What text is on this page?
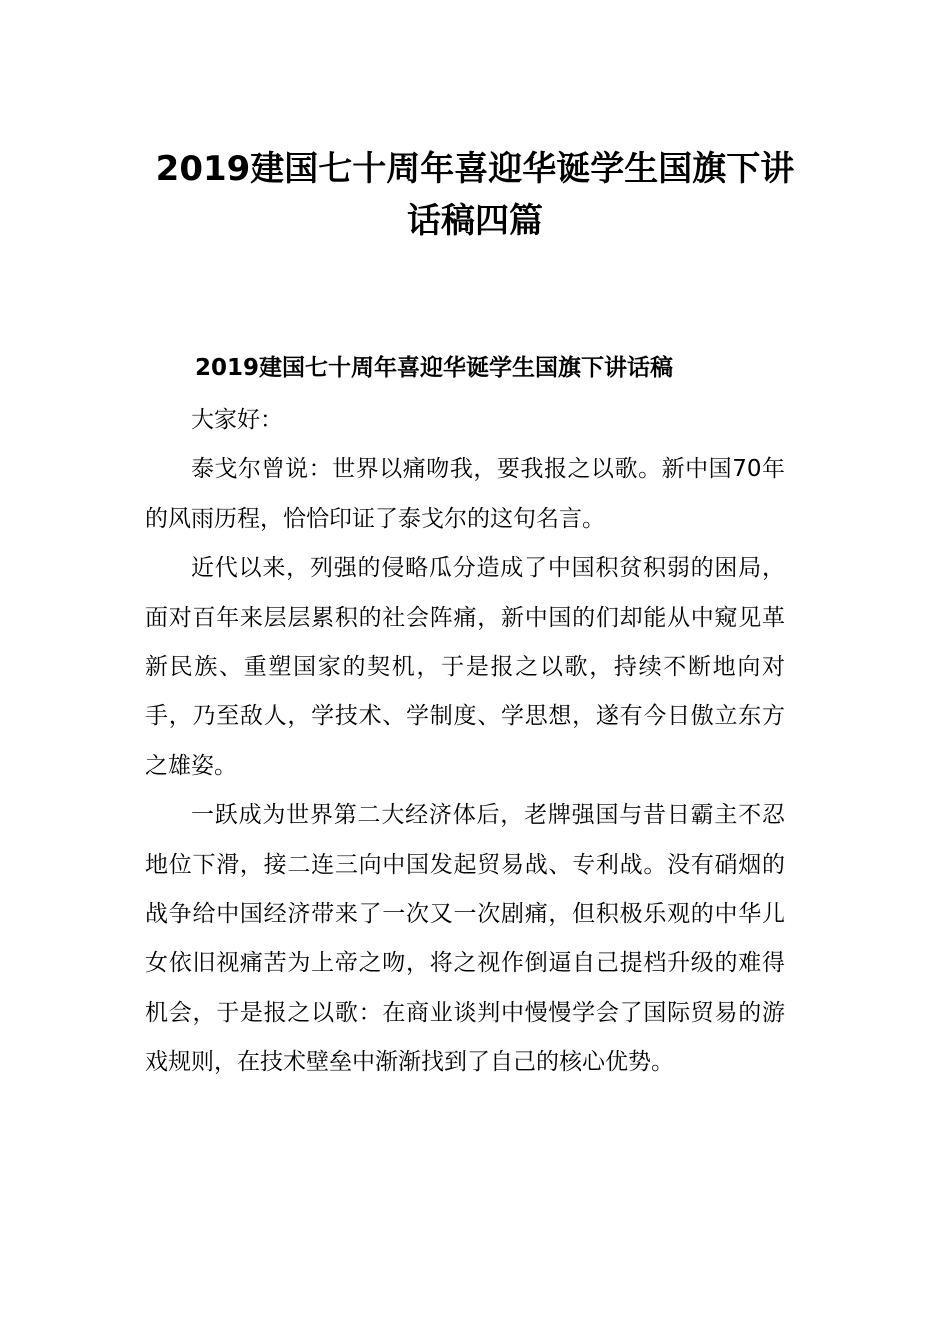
2019建国七十周年喜迎华诞学生国旗下讲话稿四篇
2019建国七十周年喜迎华诞学生国旗下讲话稿

大家好：

泰戈尔曾说：世界以痛吻我，要我报之以歌。新中国70年的风雨历程，恰恰印证了泰戈尔的这句名言。

近代以来，列强的侵略瓜分造成了中国积贫积弱的困局，面对百年来层层累积的社会阵痛，新中国的们却能从中窥见革新民族、重塑国家的契机，于是报之以歌，持续不断地向对手，乃至敌人，学技术、学制度、学思想，遂有今日傲立东方之雄姿。

一跃成为世界第二大经济体后，老牌强国与昔日霸主不忍地位下滑，接二连三向中国发起贸易战、专利战。没有硝烟的战争给中国经济带来了一次又一次剧痛，但积极乐观的中华儿女依旧视痛苦为上帝之吻，将之视作倒逼自己提档升级的难得机会，于是报之以歌：在商业谈判中慢慢学会了国际贸易的游戏规则，在技术壁垒中渐渐找到了自己的核心优势。
